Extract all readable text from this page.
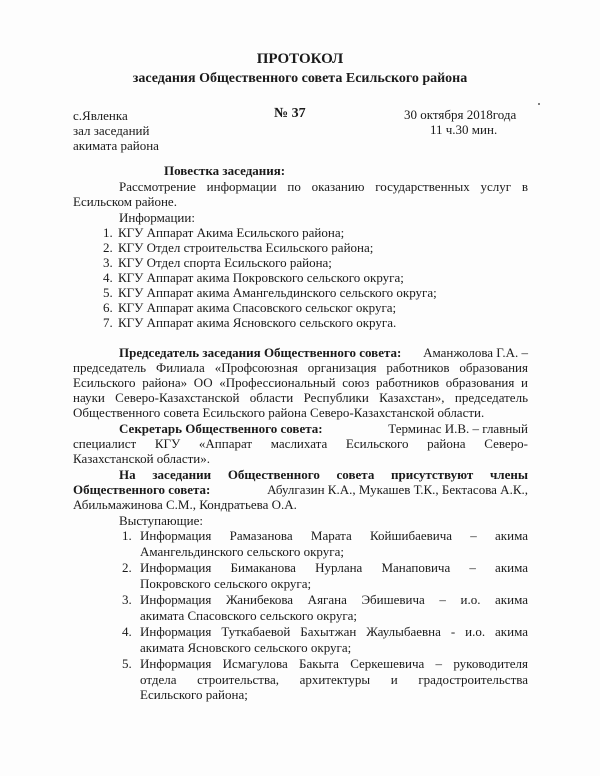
ПРОТОКОЛ
заседания Общественного совета Есильского района
с.Явленка
зал заседаний
акимата района
№ 37	30 октября 2018года
11 ч.30 мин.
Повестка заседания:
Рассмотрение информации по оказанию государственных услуг в
Есильском районе.
Информации:
1. КГУ Аппарат Акима Есильского района;
2. КГУ Отдел строительства Есильского района;
3. КГУ Отдел спорта Есильского района;
4. КГУ Аппарат акима Покровского сельского округа;
5. КГУ Аппарат акима Амангельдинского сельского округа;
6. КГУ Аппарат акима Спасовского сельског округа;
7. КГУ Аппарат акима Ясновского сельского округа.
Председатель заседания Общественного совета: Аманжолова Г.А. –
председатель Филиала «Профсоюзная организация работников образования
Есильского района» ОО «Профессиональный союз работников образования и
науки Северо-Казахстанской области Республики Казахстан», председатель
Общественного совета Есильского района Северо-Казахстанской области.
Секретарь Общественного совета:	Терминас И.В. – главный
специалист КГУ «Аппарат маслихата Есильского района Северо-
Казахстанской области».
На заседании Общественного совета присутствуют члены
Общественного совета:	Абулгазин К.А., Мукашев Т.К., Бектасова А.К.,
Абильмажинова С.М., Кондратьева О.А.
Выступающие:
1. Информация Рамазанова Марата Койшибаевича – акима
Амангельдинского сельского округа;
2. Информация Бимаканова Нурлана Манаповича – акима
Покровского сельского округа;
3. Информация Жанибекова Аягана Эбишевича – и.о. акима
акимата Спасовского сельского округа;
4. Информация Туткабаевой Бахытжан Жаулыбаевна - и.о. акима
акимата Ясновского сельского округа;
5. Информация Исмагулова Бакыта Серкешевича – руководителя
отдела строительства, архитектуры и градостроительства
Есильского района;
